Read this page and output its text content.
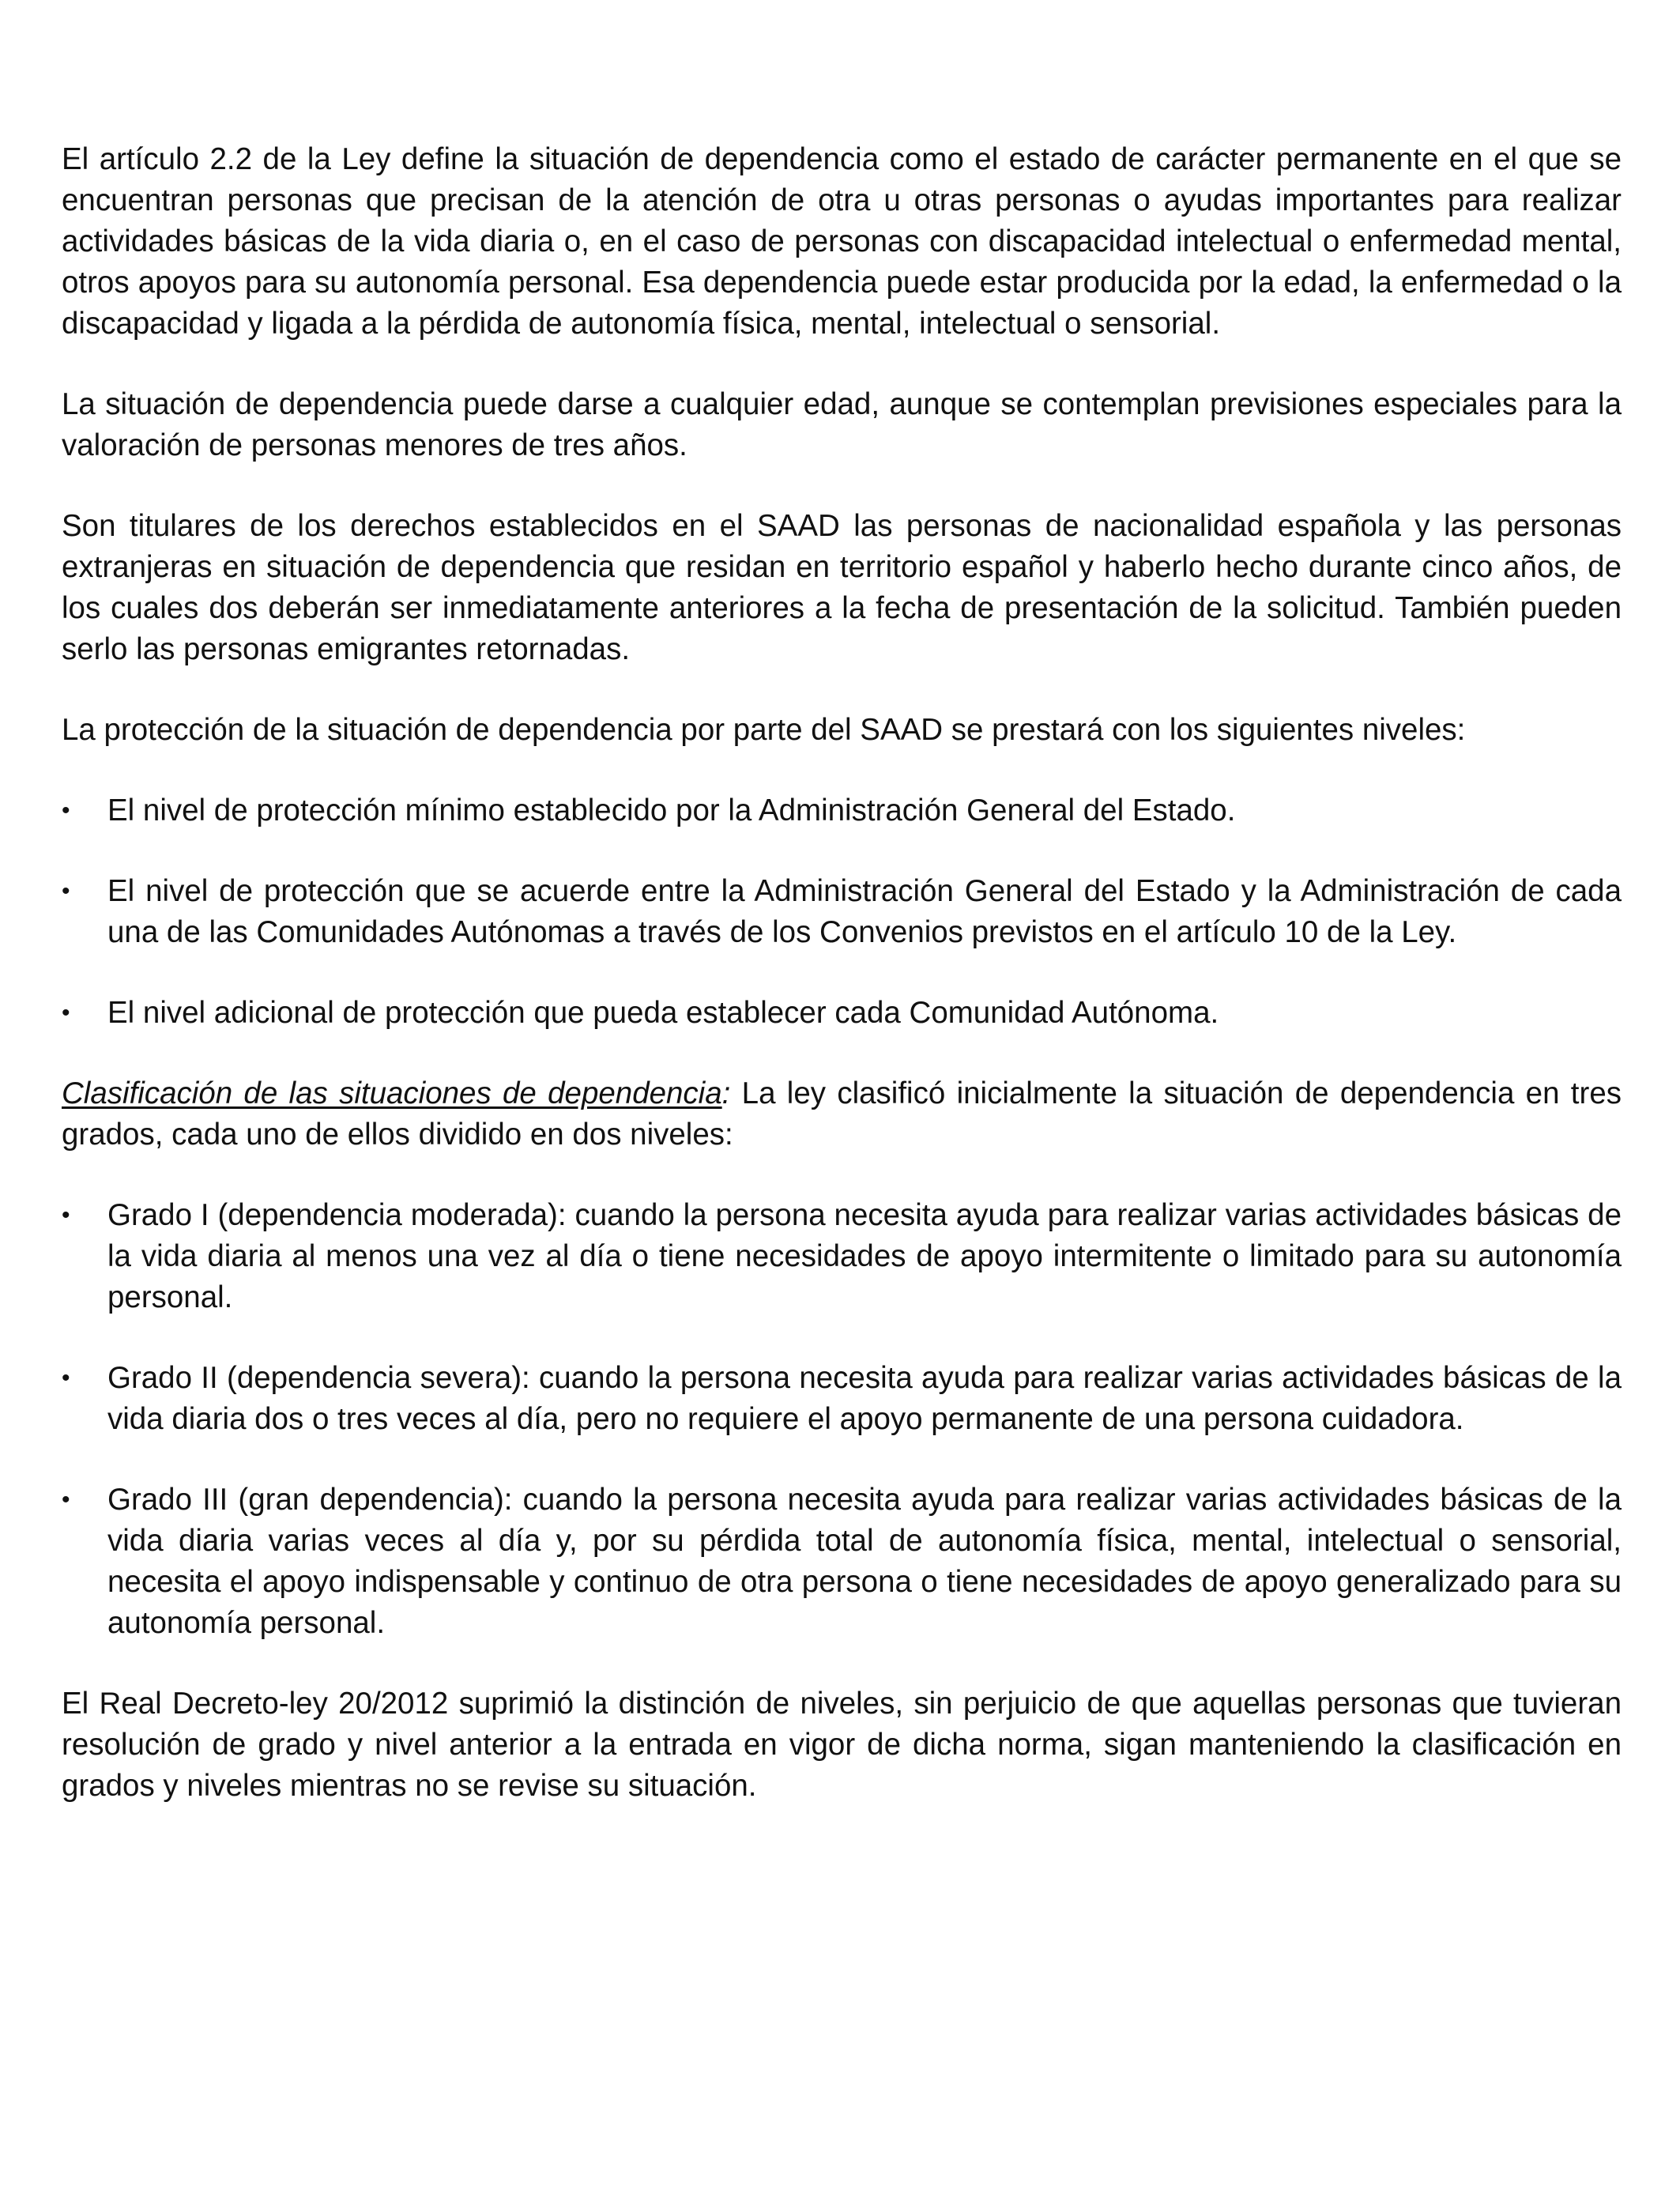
El artículo 2.2 de la Ley define la situación de dependencia como el estado de carácter permanente en el que se encuentran personas que precisan de la atención de otra u otras personas o ayudas importantes para realizar actividades básicas de la vida diaria o, en el caso de personas con discapacidad intelectual o enfermedad mental, otros apoyos para su autonomía personal. Esa dependencia puede estar producida por la edad, la enfermedad o la discapacidad y ligada a la pérdida de autonomía física, mental, intelectual o sensorial.

La situación de dependencia puede darse a cualquier edad, aunque se contemplan previsiones especiales para la valoración de personas menores de tres años.

Son titulares de los derechos establecidos en el SAAD las personas de nacionalidad española y las personas extranjeras en situación de dependencia que residan en territorio español y haberlo hecho durante cinco años, de los cuales dos deberán ser inmediatamente anteriores a la fecha de presentación de la solicitud. También pueden serlo las personas emigrantes retornadas.

La protección de la situación de dependencia por parte del SAAD se prestará con los siguientes niveles:

•	El nivel de protección mínimo establecido por la Administración General del Estado.
•	El nivel de protección que se acuerde entre la Administración General del Estado y la Administración de cada una de las Comunidades Autónomas a través de los Convenios previstos en el artículo 10 de la Ley.
•	El nivel adicional de protección que pueda establecer cada Comunidad Autónoma.

Clasificación de las situaciones de dependencia: La ley clasificó inicialmente la situación de dependencia en tres grados, cada uno de ellos dividido en dos niveles:

•	Grado I (dependencia moderada): cuando la persona necesita ayuda para realizar varias actividades básicas de la vida diaria al menos una vez al día o tiene necesidades de apoyo intermitente o limitado para su autonomía personal.
•	Grado II (dependencia severa): cuando la persona necesita ayuda para realizar varias actividades básicas de la vida diaria dos o tres veces al día, pero no requiere el apoyo permanente de una persona cuidadora.
•	Grado III (gran dependencia): cuando la persona necesita ayuda para realizar varias actividades básicas de la vida diaria varias veces al día y, por su pérdida total de autonomía física, mental, intelectual o sensorial, necesita el apoyo indispensable y continuo de otra persona o tiene necesidades de apoyo generalizado para su autonomía personal.

El Real Decreto-ley 20/2012 suprimió la distinción de niveles, sin perjuicio de que aquellas personas que tuvieran resolución de grado y nivel anterior a la entrada en vigor de dicha norma, sigan manteniendo la clasificación en grados y niveles mientras no se revise su situación.
